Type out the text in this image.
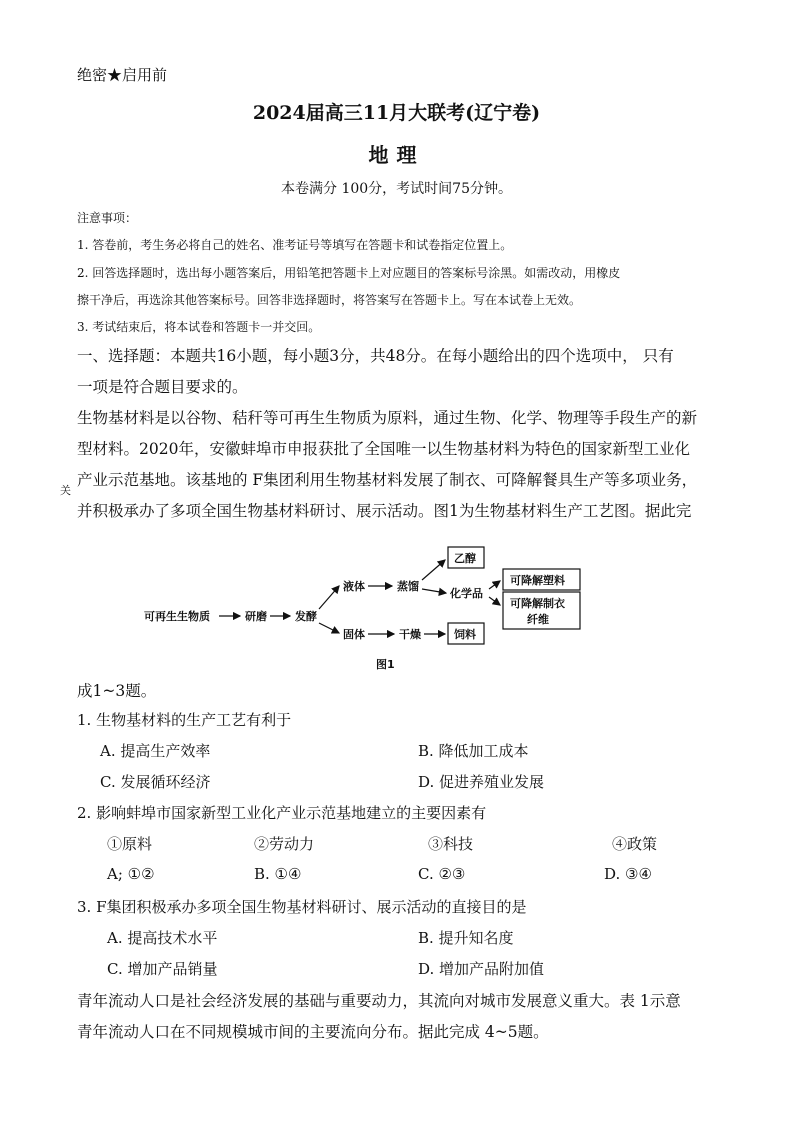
绝密★启用前
2024届高三11月大联考(辽宁卷)
地理
本卷满分 100分，考试时间75分钟。
注意事项：
1. 答卷前，考生务必将自己的姓名、准考证号等填写在答题卡和试卷指定位置上。
2. 回答选择题时，选出每小题答案后，用铅笔把答题卡上对应题目的答案标号涂黑。如需改动，用橡皮
擦干净后，再选涂其他答案标号。回答非选择题时，将答案写在答题卡上。写在本试卷上无效。
3. 考试结束后，将本试卷和答题卡一并交回。
一、选择题：本题共16小题，每小题3分，共48分。在每小题给出的四个选项中， 只有
一项是符合题目要求的。
生物基材料是以谷物、秸秆等可再生生物质为原料，通过生物、化学、物理等手段生产的新
型材料。2020年，安徽蚌埠市申报获批了全国唯一以生物基材料为特色的国家新型工业化
产业示范基地。该基地的 F集团利用生物基材料发展了制衣、可降解餐具生产等多项业务，
并积极承办了多项全国生物基材料研讨、展示活动。图1为生物基材料生产工艺图。据此完
关
可再生生物质	研磨	发酵
液体
固体
蒸馏
干燥
化学品
乙醇
可降解塑料
可降解制衣
纤维
饲料
图1
成1~3题。
1. 生物基材料的生产工艺有利于
A. 提高生产效率	B. 降低加工成本
C. 发展循环经济	D. 促进养殖业发展
2. 影响蚌埠市国家新型工业化产业示范基地建立的主要因素有
①原料	②劳动力	③科技	④政策
A; ①②	B. ①④	C. ②③	D. ③④
3. F集团积极承办多项全国生物基材料研讨、展示活动的直接目的是
A. 提高技术水平	B. 提升知名度
C. 增加产品销量	D. 增加产品附加值
青年流动人口是社会经济发展的基础与重要动力，其流向对城市发展意义重大。表 1示意
青年流动人口在不同规模城市间的主要流向分布。据此完成 4~5题。
